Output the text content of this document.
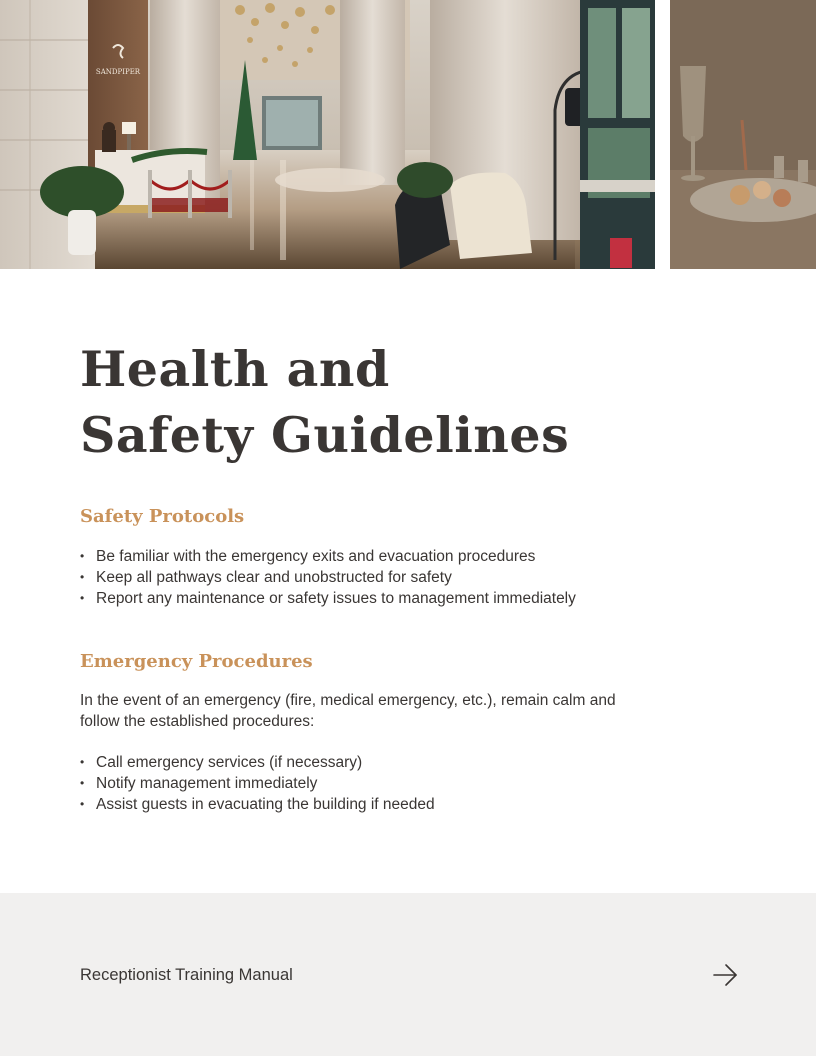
SANDPIPER
Health and
Safety Guidelines
Safety Protocols
• Be familiar with the emergency exits and evacuation procedures
• Keep all pathways clear and unobstructed for safety
• Report any maintenance or safety issues to management immediately
Emergency Procedures

In the event of an emergency (fire, medical emergency, etc.), remain calm and follow the established procedures:

• Call emergency services (if necessary)
• Notify management immediately
• Assist guests in evacuating the building if needed
Receptionist Training Manual
